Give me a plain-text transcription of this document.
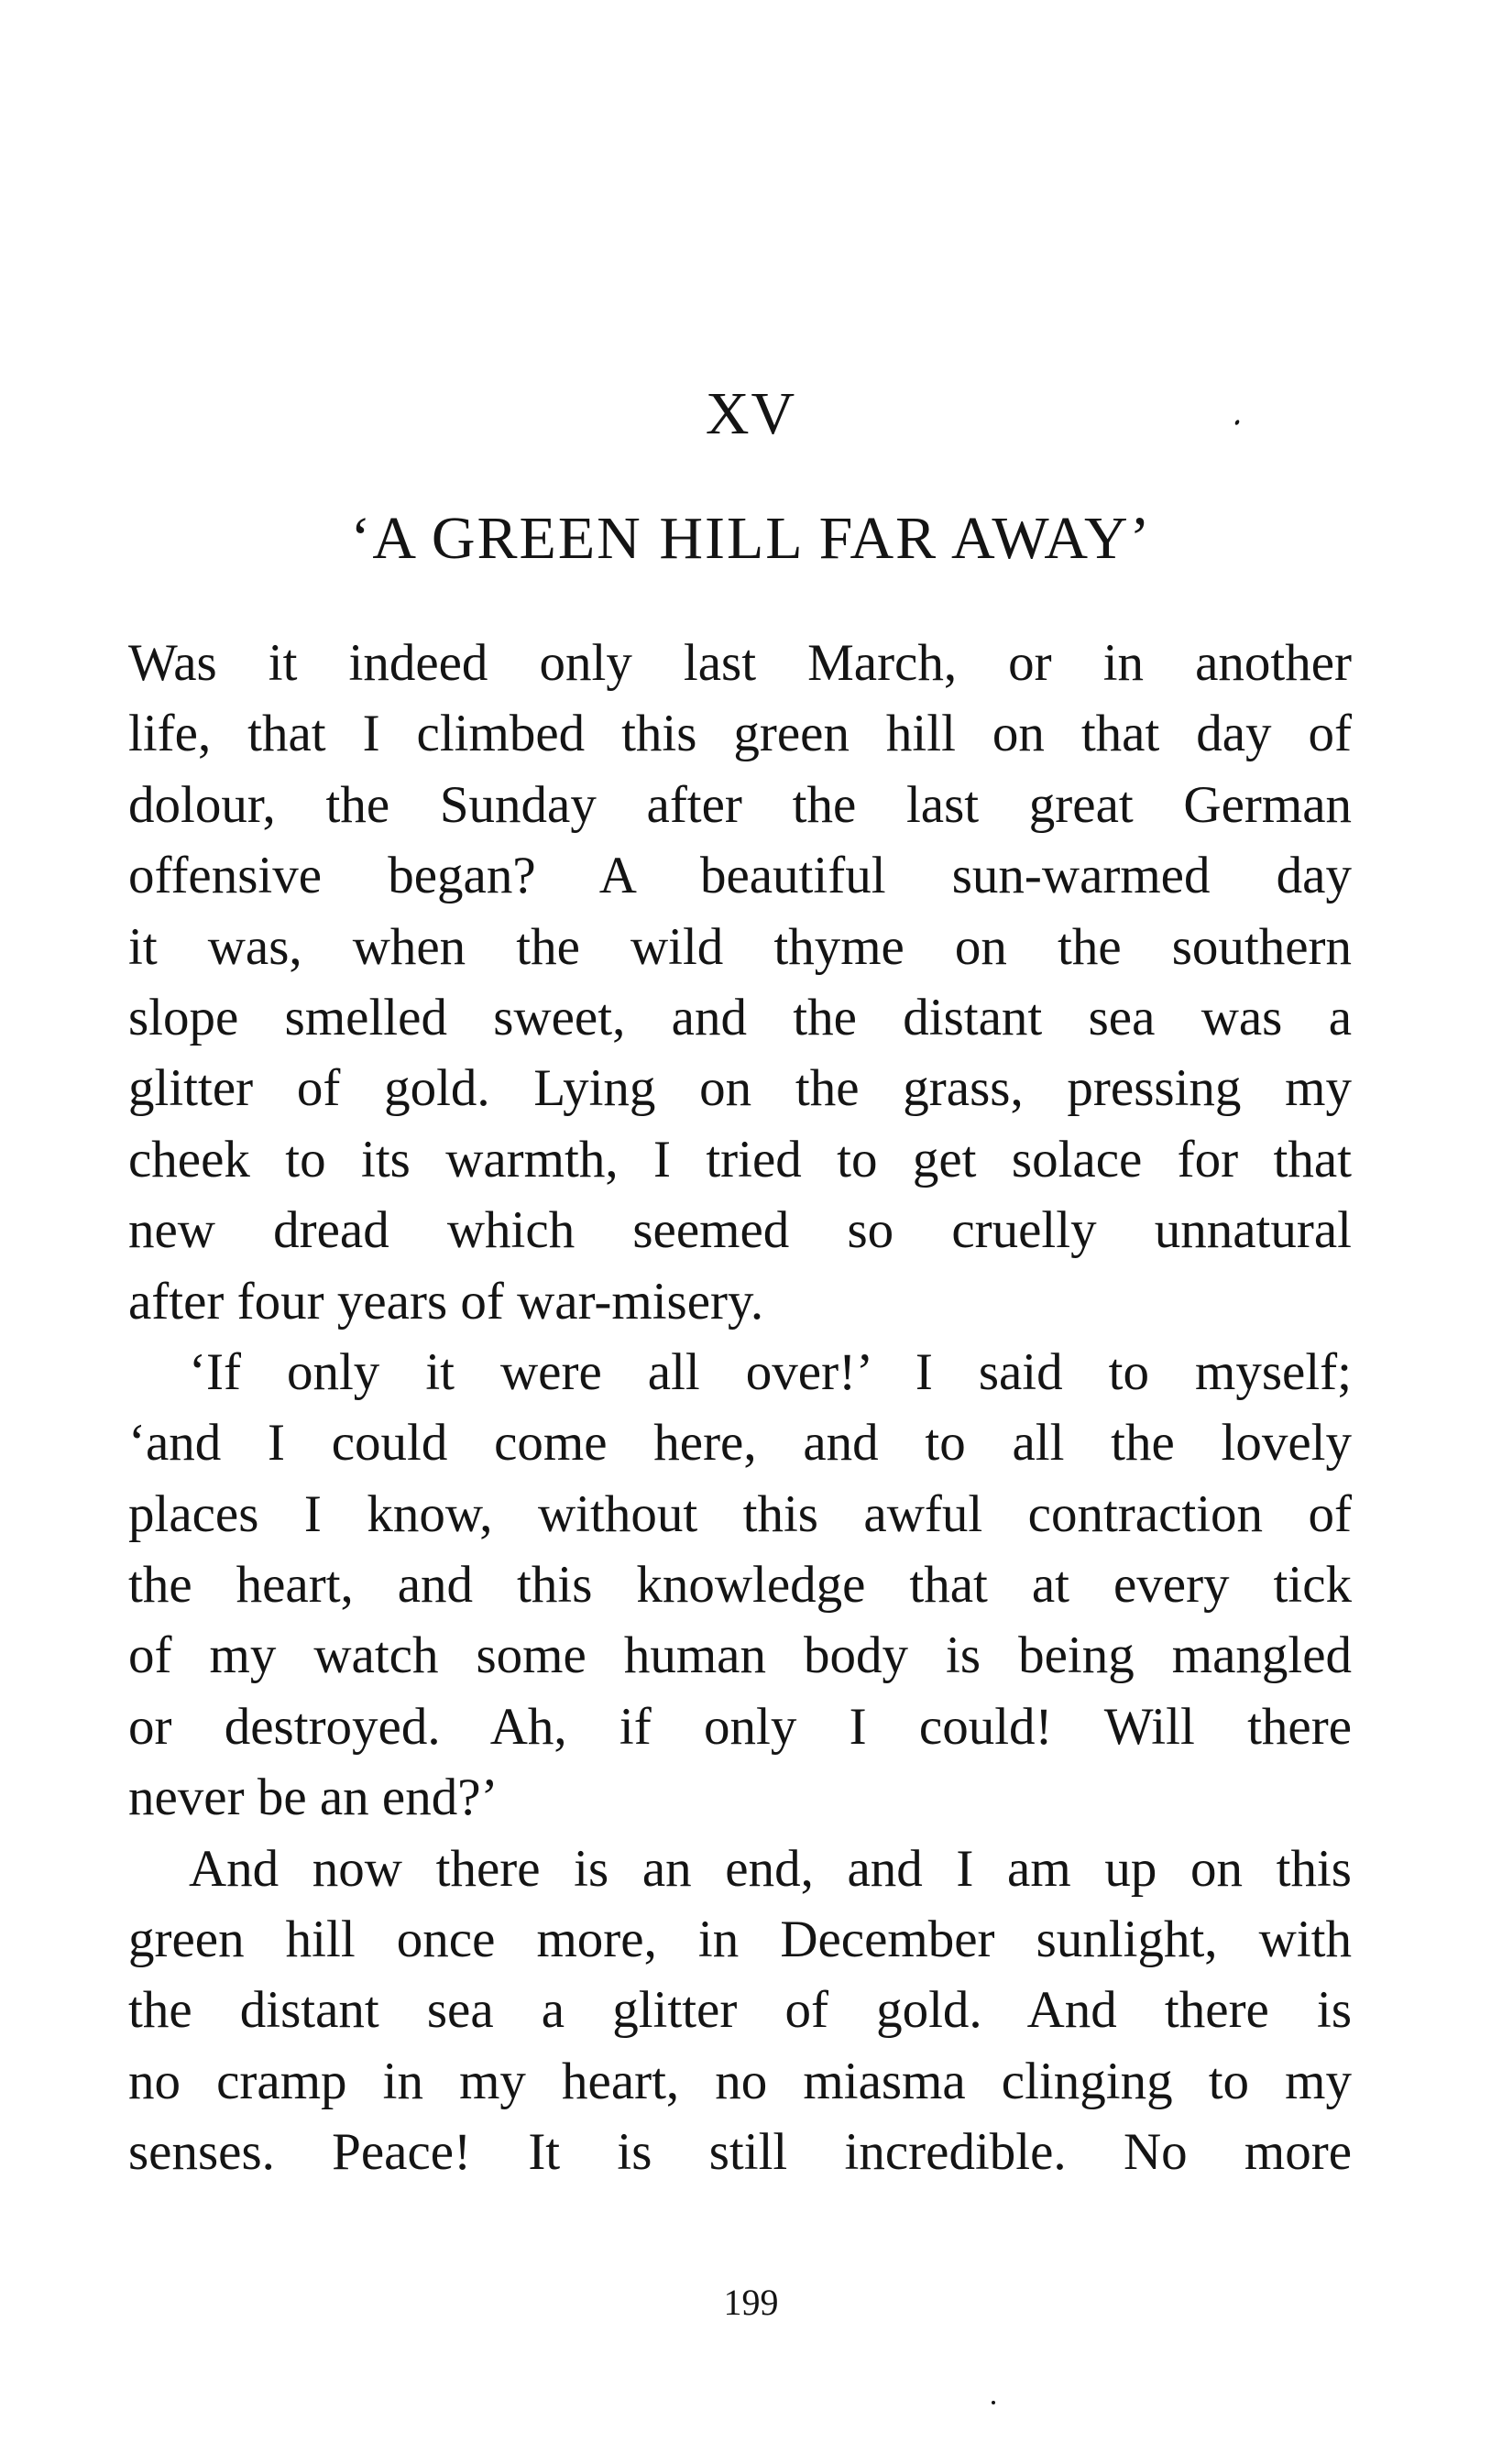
XV
‘A GREEN HILL FAR AWAY’
Was it indeed only last March, or in another
life, that I climbed this green hill on that day of
dolour, the Sunday after the last great German
offensive began? A beautiful sun-warmed day
it was, when the wild thyme on the southern
slope smelled sweet, and the distant sea was a
glitter of gold. Lying on the grass, pressing my
cheek to its warmth, I tried to get solace for that
new dread which seemed so cruelly unnatural
after four years of war-misery.
‘If only it were all over!’ I said to myself;
‘and I could come here, and to all the lovely
places I know, without this awful contraction of
the heart, and this knowledge that at every tick
of my watch some human body is being mangled
or destroyed. Ah, if only I could! Will there
never be an end?’
And now there is an end, and I am up on this
green hill once more, in December sunlight, with
the distant sea a glitter of gold. And there is
no cramp in my heart, no miasma clinging to my
senses. Peace! It is still incredible. No more
199
